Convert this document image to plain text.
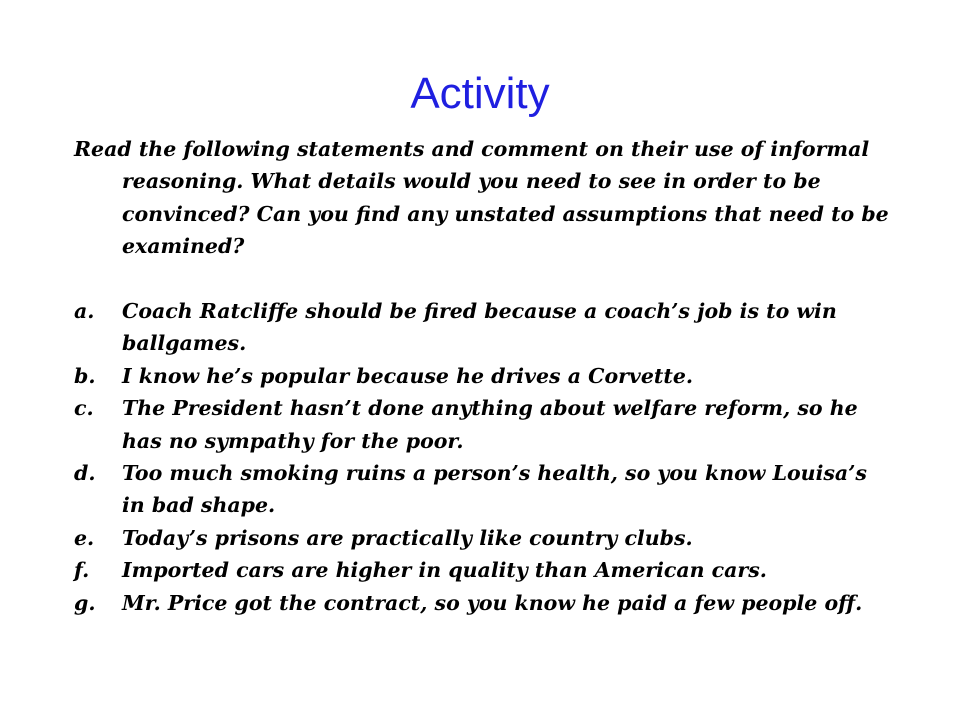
Activity

Read the following statements and comment on their use of informal reasoning. What details would you need to see in order to be convinced? Can you find any unstated assumptions that need to be examined?

a.	Coach Ratcliffe should be fired because a coach’s job is to win ballgames.
b.	I know he’s popular because he drives a Corvette.
c.	The President hasn’t done anything about welfare reform, so he has no sympathy for the poor.
d.	Too much smoking ruins a person’s health, so you know Louisa’s in bad shape.
e.	Today’s prisons are practically like country clubs.
f.	Imported cars are higher in quality than American cars.
g.	Mr. Price got the contract, so you know he paid a few people off.
